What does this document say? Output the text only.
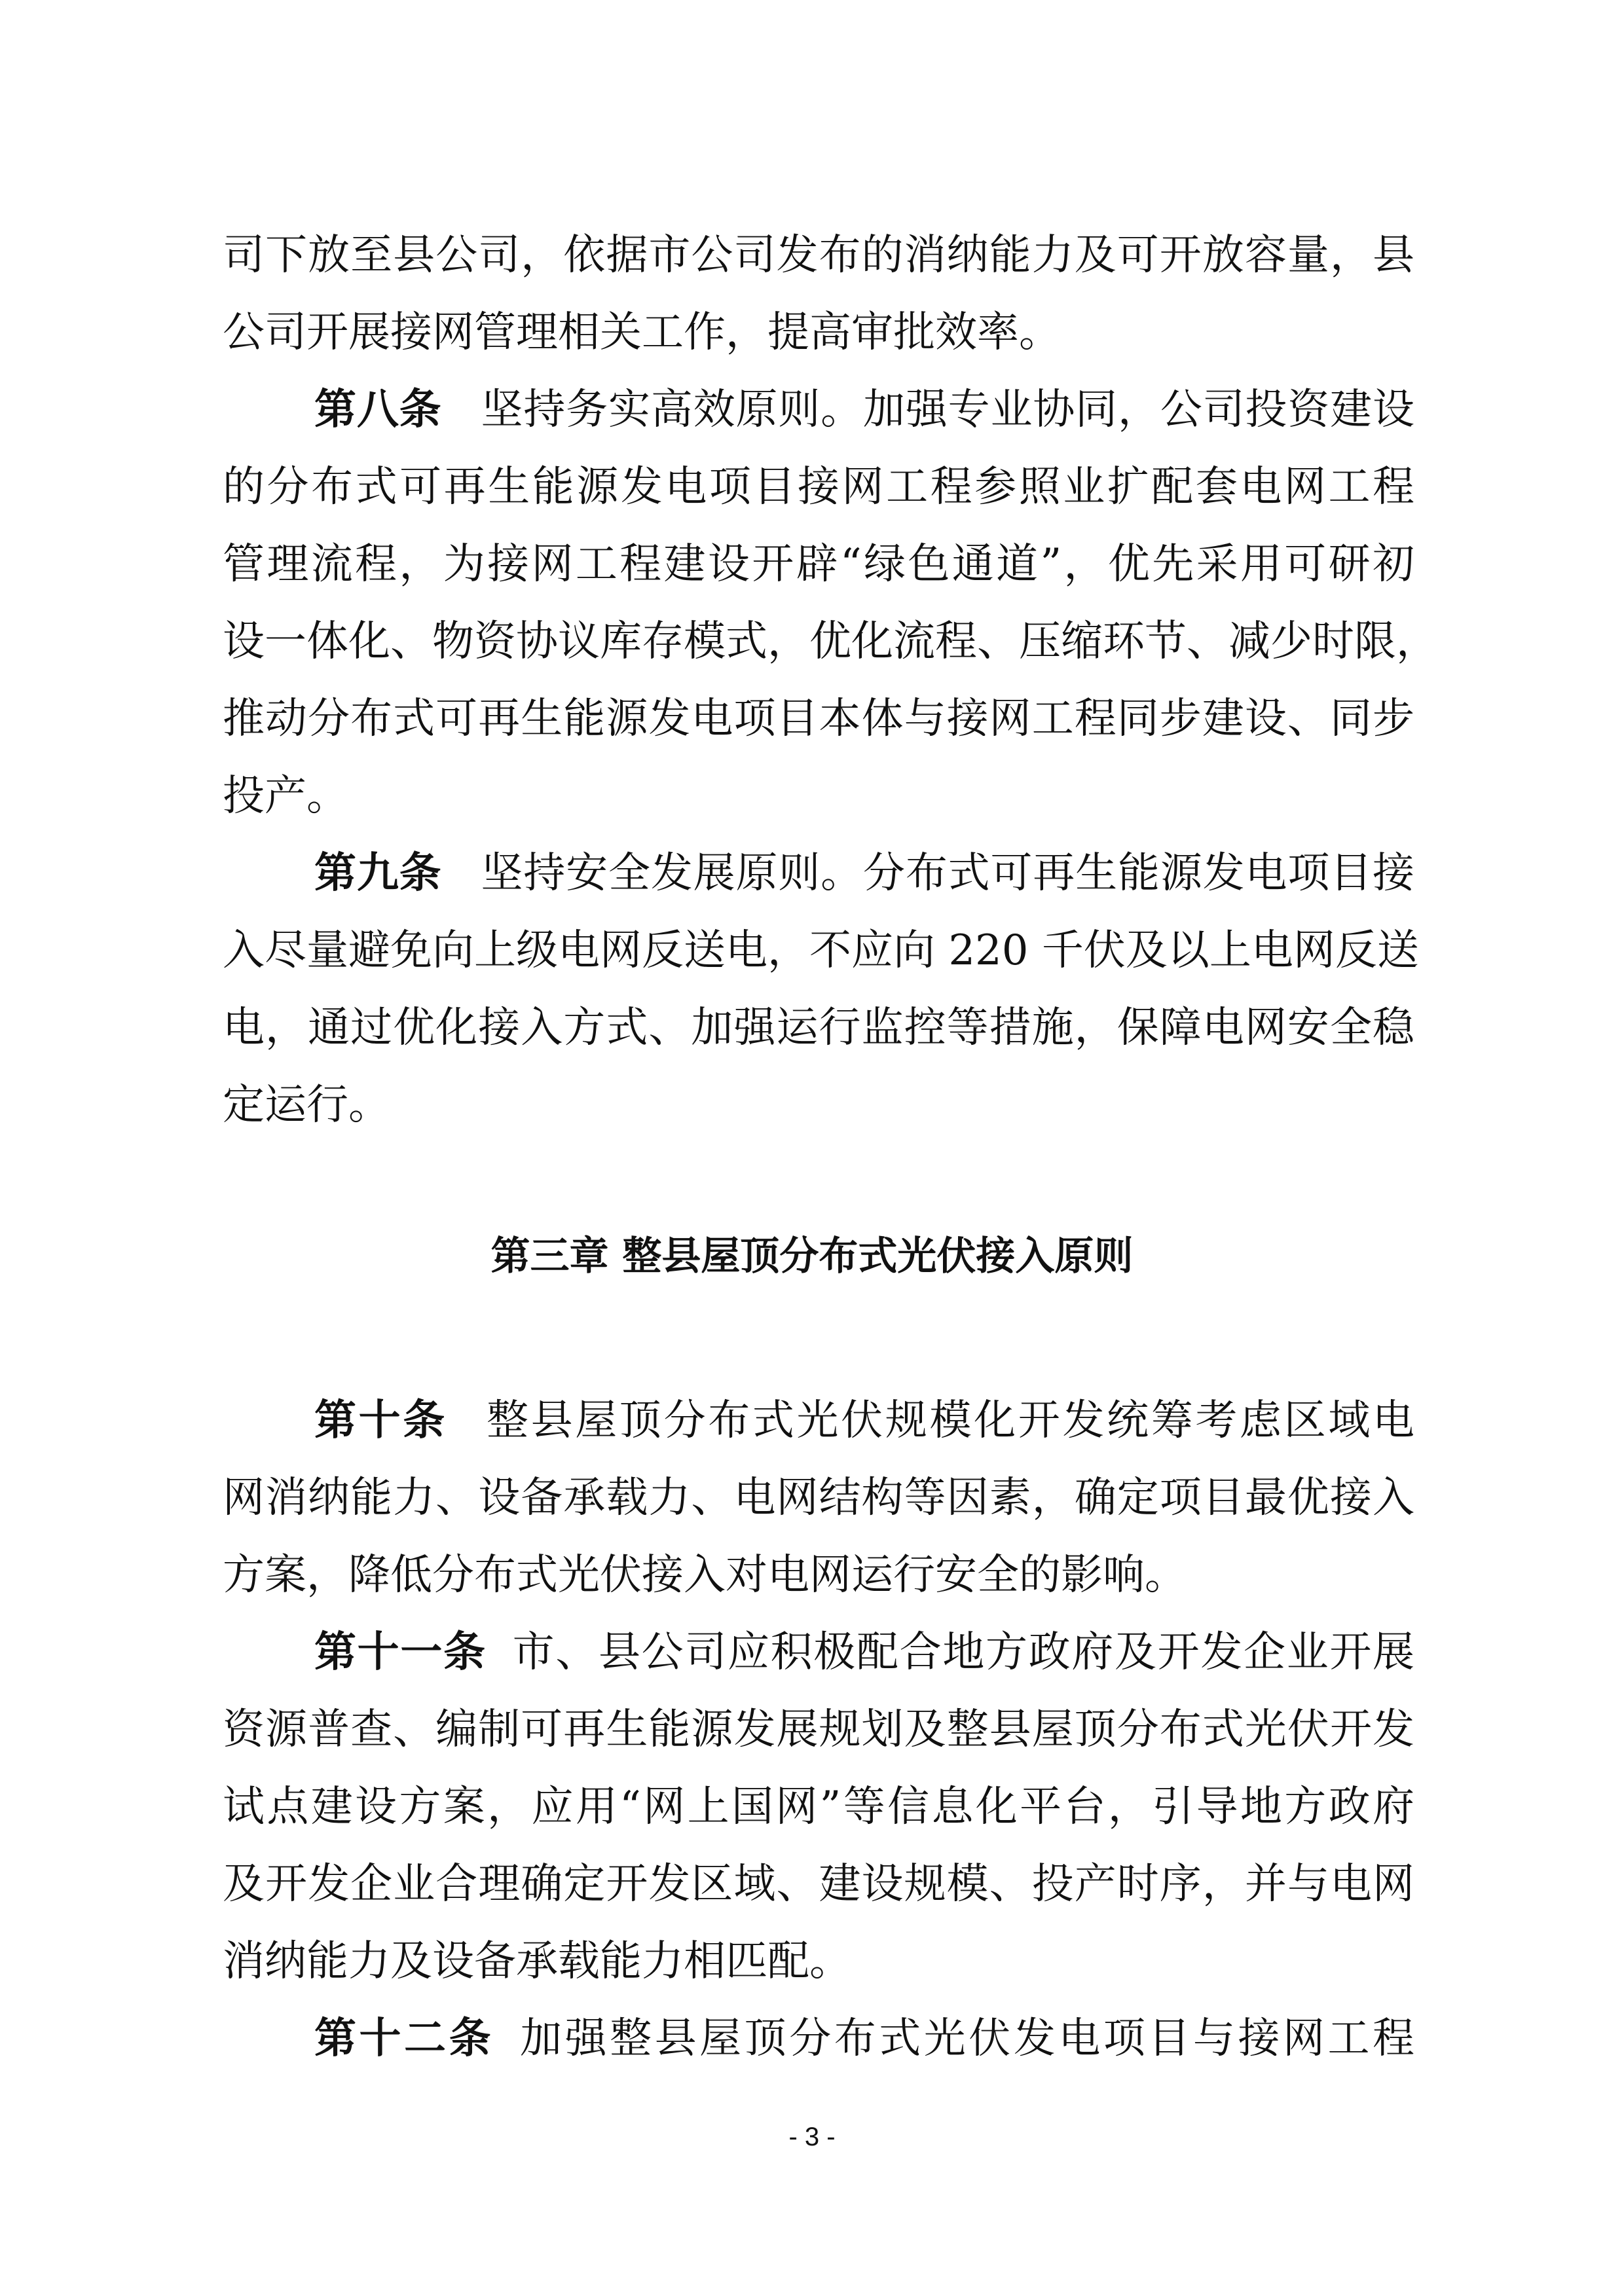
司下放至县公司，依据市公司发布的消纳能力及可开放容量，县
公司开展接网管理相关工作，提高审批效率。
第八条 坚持务实高效原则。加强专业协同，公司投资建设
的分布式可再生能源发电项目接网工程参照业扩配套电网工程
管理流程，为接网工程建设开辟“绿色通道”，优先采用可研初
设一体化、物资协议库存模式，优化流程、压缩环节、减少时限，
推动分布式可再生能源发电项目本体与接网工程同步建设、同步
投产。
第九条 坚持安全发展原则。分布式可再生能源发电项目接
入尽量避免向上级电网反送电，不应向 220 千伏及以上电网反送
电，通过优化接入方式、加强运行监控等措施，保障电网安全稳
定运行。
第三章 整县屋顶分布式光伏接入原则
第十条 整县屋顶分布式光伏规模化开发统筹考虑区域电
网消纳能力、设备承载力、电网结构等因素，确定项目最优接入
方案，降低分布式光伏接入对电网运行安全的影响。
第十一条 市、县公司应积极配合地方政府及开发企业开展
资源普查、编制可再生能源发展规划及整县屋顶分布式光伏开发
试点建设方案，应用“网上国网”等信息化平台，引导地方政府
及开发企业合理确定开发区域、建设规模、投产时序，并与电网
消纳能力及设备承载能力相匹配。
第十二条 加强整县屋顶分布式光伏发电项目与接网工程
- 3 -
